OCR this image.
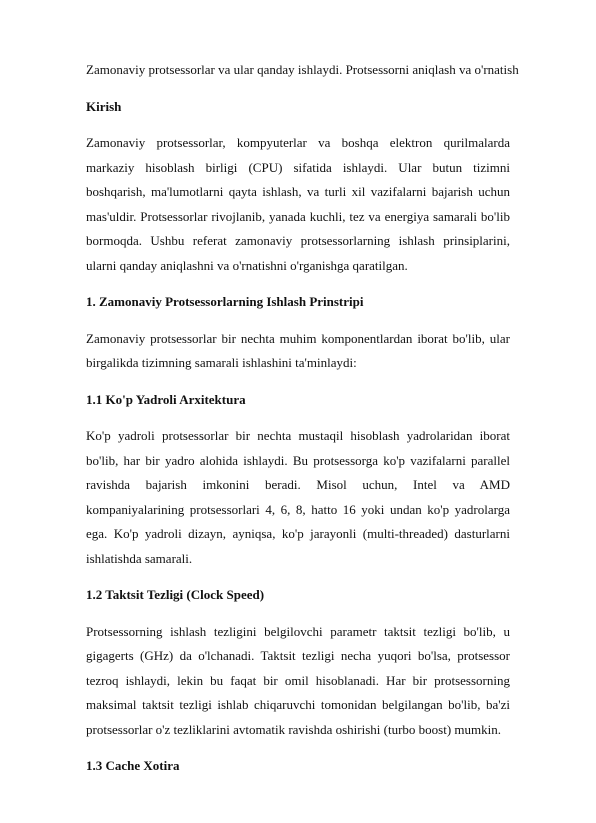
Zamonaviy protsessorlar va ular qanday ishlaydi. Protsessorni aniqlash va o'rnatish

Kirish

Zamonaviy protsessorlar, kompyuterlar va boshqa elektron qurilmalarda markaziy hisoblash birligi (CPU) sifatida ishlaydi. Ular butun tizimni boshqarish, ma'lumotlarni qayta ishlash, va turli xil vazifalarni bajarish uchun mas'uldir. Protsessorlar rivojlanib, yanada kuchli, tez va energiya samarali bo'lib bormoqda. Ushbu referat zamonaviy protsessorlarning ishlash prinsiplarini, ularni qanday aniqlashni va o'rnatishni o'rganishga qaratilgan.

1. Zamonaviy Protsessorlarning Ishlash Prinstripi

Zamonaviy protsessorlar bir nechta muhim komponentlardan iborat bo'lib, ular birgalikda tizimning samarali ishlashini ta'minlaydi:

1.1 Ko'p Yadroli Arxitektura

Ko'p yadroli protsessorlar bir nechta mustaqil hisoblash yadrolaridan iborat bo'lib, har bir yadro alohida ishlaydi. Bu protsessorga ko'p vazifalarni parallel ravishda bajarish imkonini beradi. Misol uchun, Intel va AMD kompaniyalarining protsessorlari 4, 6, 8, hatto 16 yoki undan ko'p yadrolarga ega. Ko'p yadroli dizayn, ayniqsa, ko'p jarayonli (multi-threaded) dasturlarni ishlatishda samarali.

1.2 Taktsit Tezligi (Clock Speed)

Protsessorning ishlash tezligini belgilovchi parametr taktsit tezligi bo'lib, u gigagerts (GHz) da o'lchanadi. Taktsit tezligi necha yuqori bo'lsa, protsessor tezroq ishlaydi, lekin bu faqat bir omil hisoblanadi. Har bir protsessorning maksimal taktsit tezligi ishlab chiqaruvchi tomonidan belgilangan bo'lib, ba'zi protsessorlar o'z tezliklarini avtomatik ravishda oshirishi (turbo boost) mumkin.

1.3 Cache Xotira
